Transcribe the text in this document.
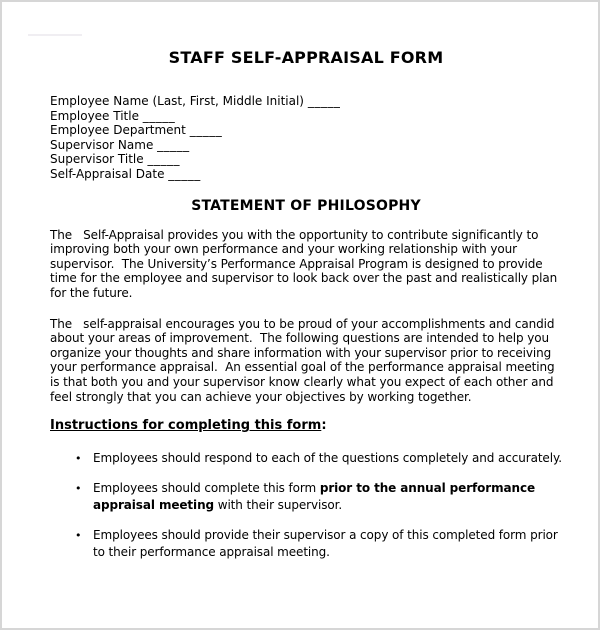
STAFF SELF-APPRAISAL FORM
Employee Name (Last, First, Middle Initial) _____
Employee Title _____
Employee Department _____
Supervisor Name _____
Supervisor Title _____
Self-Appraisal Date _____
STATEMENT OF PHILOSOPHY

The   Self-Appraisal provides you with the opportunity to contribute significantly to improving both your own performance and your working relationship with your supervisor.  The University’s Performance Appraisal Program is designed to provide time for the employee and supervisor to look back over the past and realistically plan for the future.

The   self-appraisal encourages you to be proud of your accomplishments and candid about your areas of improvement.  The following questions are intended to help you organize your thoughts and share information with your supervisor prior to receiving your performance appraisal.  An essential goal of the performance appraisal meeting is that both you and your supervisor know clearly what you expect of each other and feel strongly that you can achieve your objectives by working together.

Instructions for completing this form:
• Employees should respond to each of the questions completely and accurately.
• Employees should complete this form prior to the annual performance appraisal meeting with their supervisor.
• Employees should provide their supervisor a copy of this completed form prior to their performance appraisal meeting.
